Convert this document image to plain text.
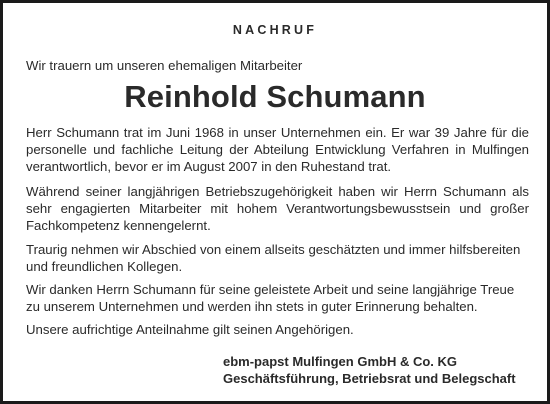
NACHRUF
Wir trauern um unseren ehemaligen Mitarbeiter
Reinhold Schumann
Herr Schumann trat im Juni 1968 in unser Unternehmen ein. Er war 39 Jahre für die personelle und fachliche Leitung der Abteilung Entwicklung Verfahren in Mulfingen verantwortlich, bevor er im August 2007 in den Ruhestand trat.
Während seiner langjährigen Betriebszugehörigkeit haben wir Herrn Schumann als sehr engagierten Mitarbeiter mit hohem Verantwortungsbewusstsein und großer Fachkompetenz kennengelernt.
Traurig nehmen wir Abschied von einem allseits geschätzten und immer hilfsbereiten und freundlichen Kollegen.
Wir danken Herrn Schumann für seine geleistete Arbeit und seine langjährige Treue zu unserem Unternehmen und werden ihn stets in guter Erinnerung behalten.
Unsere aufrichtige Anteilnahme gilt seinen Angehörigen.
ebm-papst Mulfingen GmbH & Co. KG
Geschäftsführung, Betriebsrat und Belegschaft
